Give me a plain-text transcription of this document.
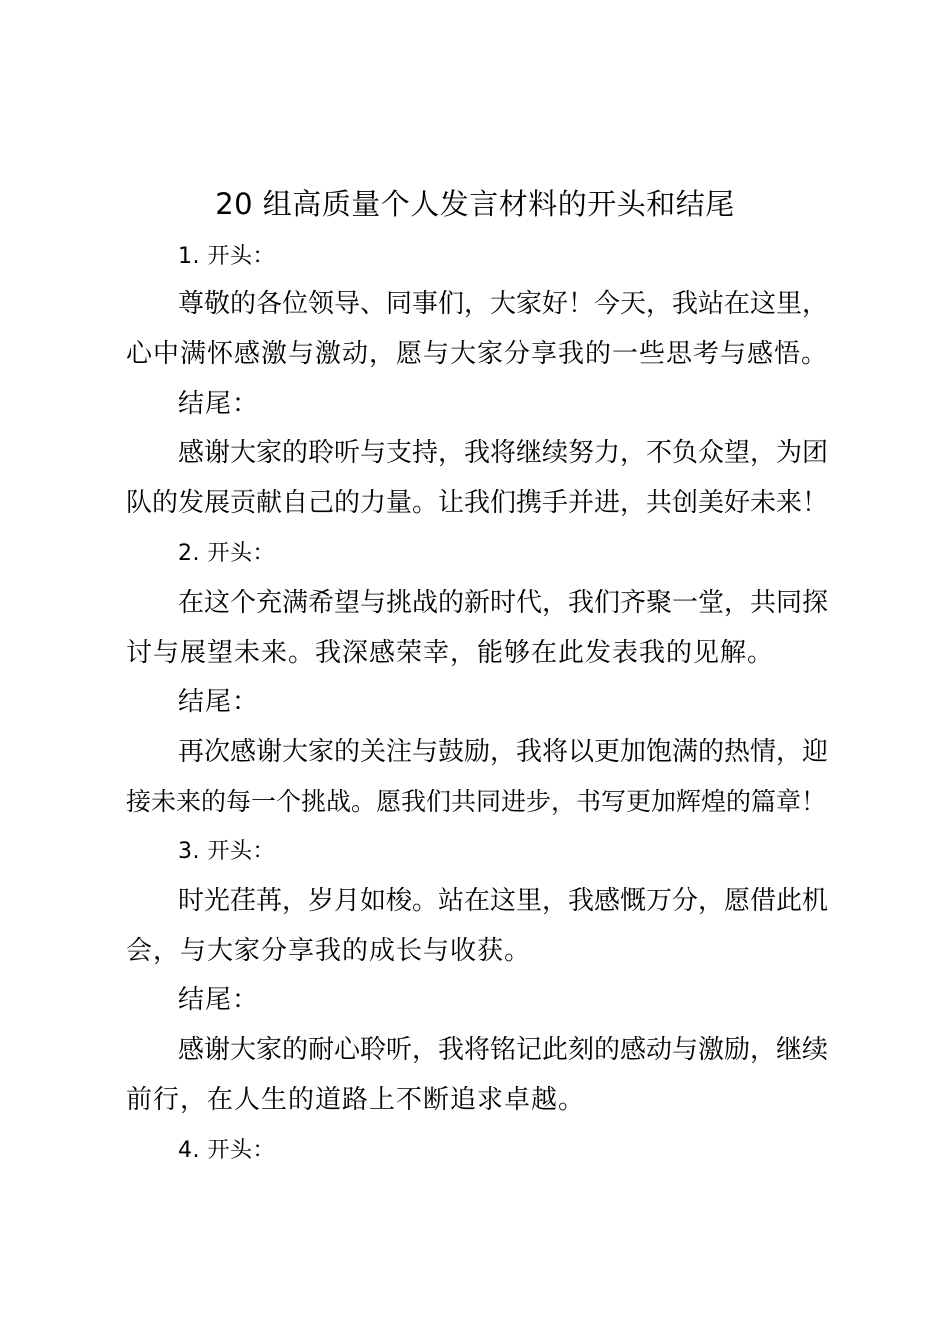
20 组高质量个人发言材料的开头和结尾
1. 开头：
尊敬的各位领导、同事们，大家好！今天，我站在这里，
心中满怀感激与激动，愿与大家分享我的一些思考与感悟。
结尾：
感谢大家的聆听与支持，我将继续努力，不负众望，为团
队的发展贡献自己的力量。让我们携手并进，共创美好未来！
2. 开头：
在这个充满希望与挑战的新时代，我们齐聚一堂，共同探
讨与展望未来。我深感荣幸，能够在此发表我的见解。
结尾：
再次感谢大家的关注与鼓励，我将以更加饱满的热情，迎
接未来的每一个挑战。愿我们共同进步，书写更加辉煌的篇章！
3. 开头：
时光荏苒，岁月如梭。站在这里，我感慨万分，愿借此机
会，与大家分享我的成长与收获。
结尾：
感谢大家的耐心聆听，我将铭记此刻的感动与激励，继续
前行，在人生的道路上不断追求卓越。
4. 开头：
